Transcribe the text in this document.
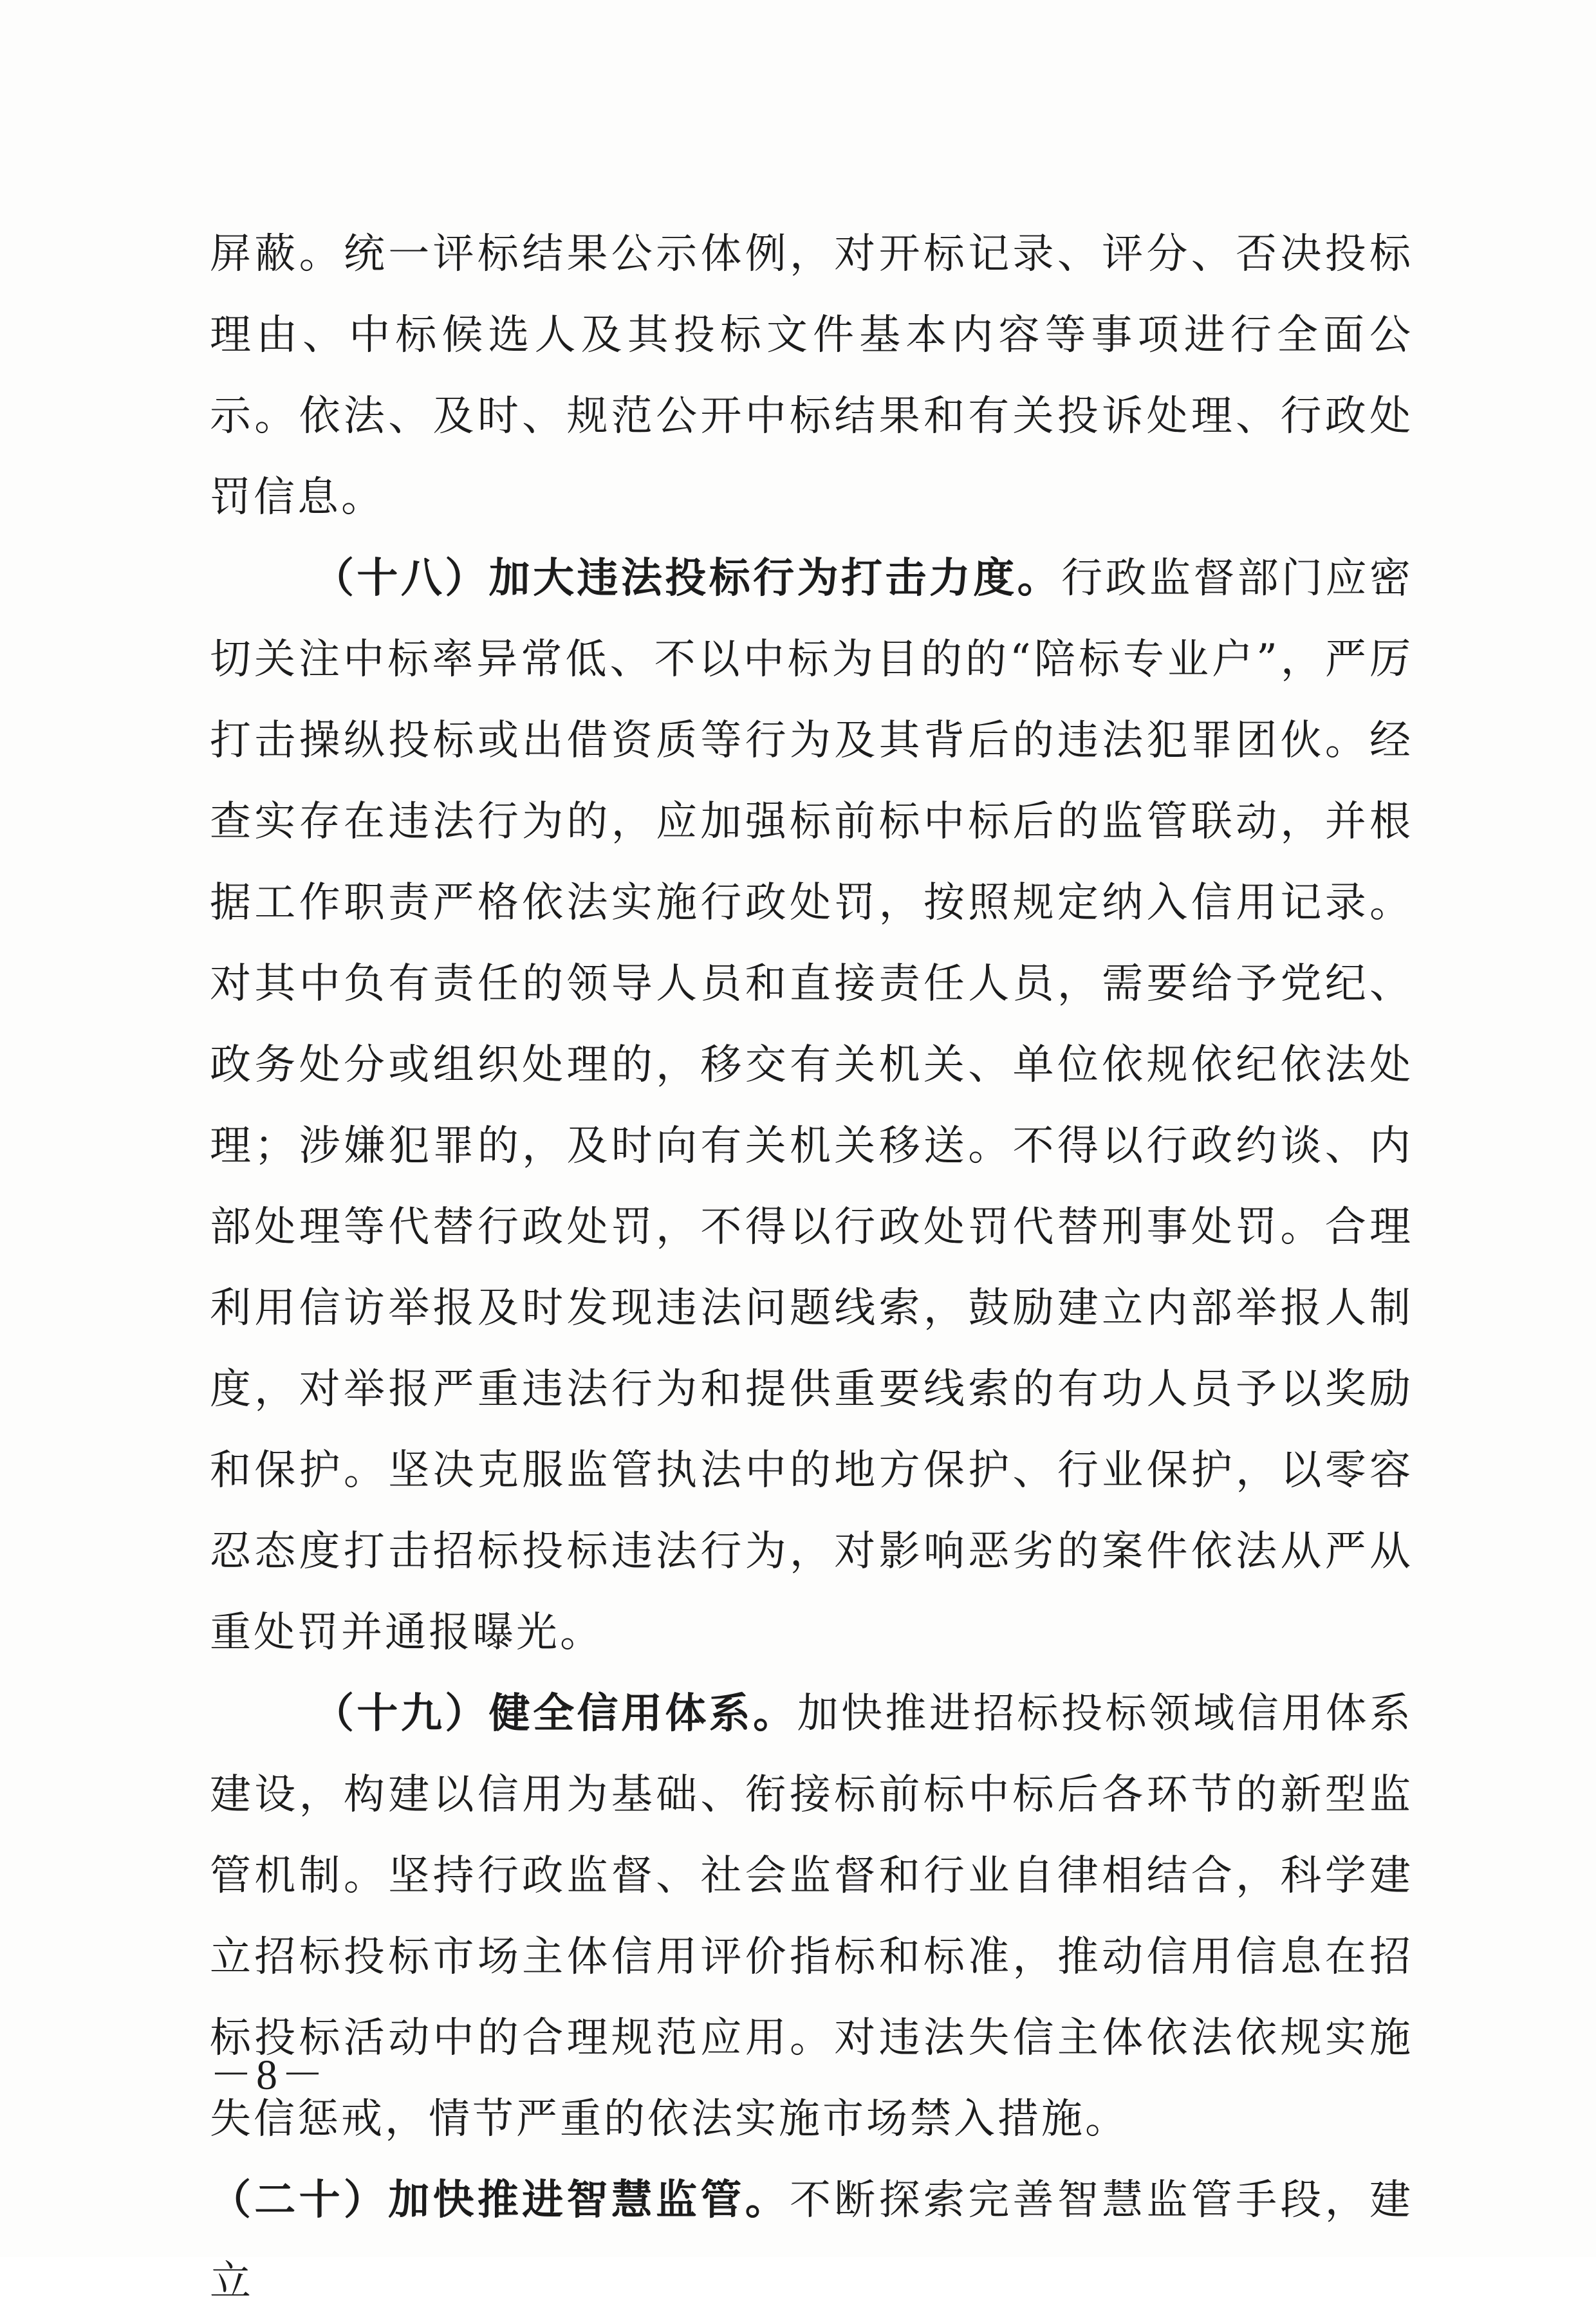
屏蔽。统一评标结果公示体例，对开标记录、评分、否决投标理由、中标候选人及其投标文件基本内容等事项进行全面公示。依法、及时、规范公开中标结果和有关投诉处理、行政处罚信息。

（十八）加大违法投标行为打击力度。行政监督部门应密切关注中标率异常低、不以中标为目的的“陪标专业户”，严厉打击操纵投标或出借资质等行为及其背后的违法犯罪团伙。经查实存在违法行为的，应加强标前标中标后的监管联动，并根据工作职责严格依法实施行政处罚，按照规定纳入信用记录。对其中负有责任的领导人员和直接责任人员，需要给予党纪、政务处分或组织处理的，移交有关机关、单位依规依纪依法处理；涉嫌犯罪的，及时向有关机关移送。不得以行政约谈、内部处理等代替行政处罚，不得以行政处罚代替刑事处罚。合理利用信访举报及时发现违法问题线索，鼓励建立内部举报人制度，对举报严重违法行为和提供重要线索的有功人员予以奖励和保护。坚决克服监管执法中的地方保护、行业保护，以零容忍态度打击招标投标违法行为，对影响恶劣的案件依法从严从重处罚并通报曝光。

（十九）健全信用体系。加快推进招标投标领域信用体系建设，构建以信用为基础、衔接标前标中标后各环节的新型监管机制。坚持行政监督、社会监督和行业自律相结合，科学建立招标投标市场主体信用评价指标和标准，推动信用信息在招标投标活动中的合理规范应用。对违法失信主体依法依规实施失信惩戒，情节严重的依法实施市场禁入措施。

（二十）加快推进智慧监管。不断探索完善智慧监管手段，建立

－8－
